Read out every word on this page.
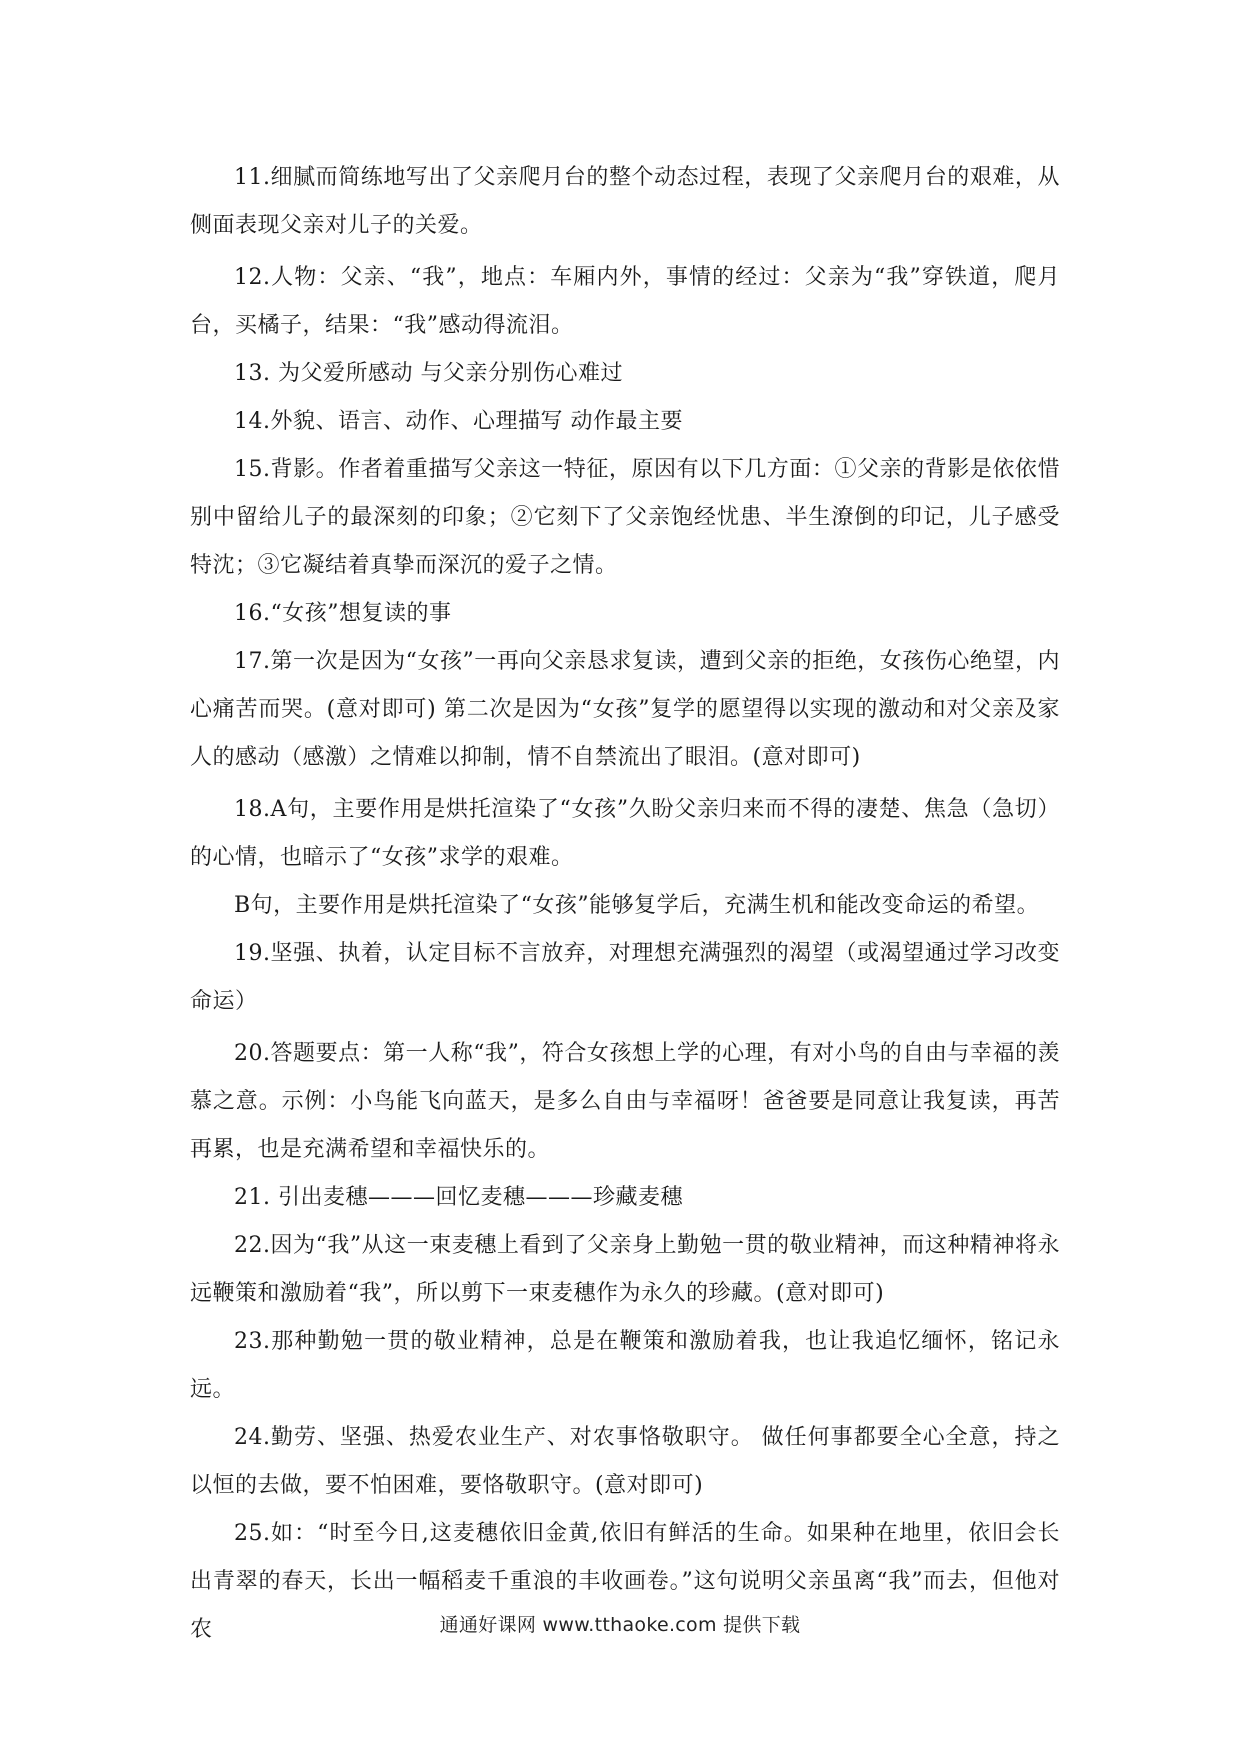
11.细腻而简练地写出了父亲爬月台的整个动态过程，表现了父亲爬月台的艰难，从侧面表现父亲对儿子的关爱。

12.人物：父亲、“我”，地点：车厢内外，事情的经过：父亲为“我”穿铁道，爬月台，买橘子，结果：“我”感动得流泪。

13. 为父爱所感动 与父亲分别伤心难过

14.外貌、语言、动作、心理描写 动作最主要

15.背影。作者着重描写父亲这一特征，原因有以下几方面：①父亲的背影是依依惜别中留给儿子的最深刻的印象；②它刻下了父亲饱经忧患、半生潦倒的印记，儿子感受特沈；③它凝结着真挚而深沉的爱子之情。

16.“女孩”想复读的事

17.第一次是因为“女孩”一再向父亲恳求复读，遭到父亲的拒绝，女孩伤心绝望，内心痛苦而哭。(意对即可) 第二次是因为“女孩”复学的愿望得以实现的激动和对父亲及家人的感动（感激）之情难以抑制，情不自禁流出了眼泪。(意对即可)

18.A句，主要作用是烘托渲染了“女孩”久盼父亲归来而不得的凄楚、焦急（急切）的心情，也暗示了“女孩”求学的艰难。

B句，主要作用是烘托渲染了“女孩”能够复学后，充满生机和能改变命运的希望。

19.坚强、执着，认定目标不言放弃，对理想充满强烈的渴望（或渴望通过学习改变命运）

20.答题要点：第一人称“我”，符合女孩想上学的心理，有对小鸟的自由与幸福的羡慕之意。示例：小鸟能飞向蓝天，是多么自由与幸福呀！爸爸要是同意让我复读，再苦再累，也是充满希望和幸福快乐的。

21. 引出麦穗———回忆麦穗———珍藏麦穗

22.因为“我”从这一束麦穗上看到了父亲身上勤勉一贯的敬业精神，而这种精神将永远鞭策和激励着“我”，所以剪下一束麦穗作为永久的珍藏。(意对即可)

23.那种勤勉一贯的敬业精神，总是在鞭策和激励着我，也让我追忆缅怀，铭记永远。

24.勤劳、坚强、热爱农业生产、对农事恪敬职守。 做任何事都要全心全意，持之以恒的去做，要不怕困难，要恪敬职守。(意对即可)

25.如：“时至今日,这麦穗依旧金黄,依旧有鲜活的生命。如果种在地里，依旧会长出青翠的春天，长出一幅稻麦千重浪的丰收画卷。”这句说明父亲虽离“我”而去，但他对农	通通好课网 www.tthaoke.com 提供下载
